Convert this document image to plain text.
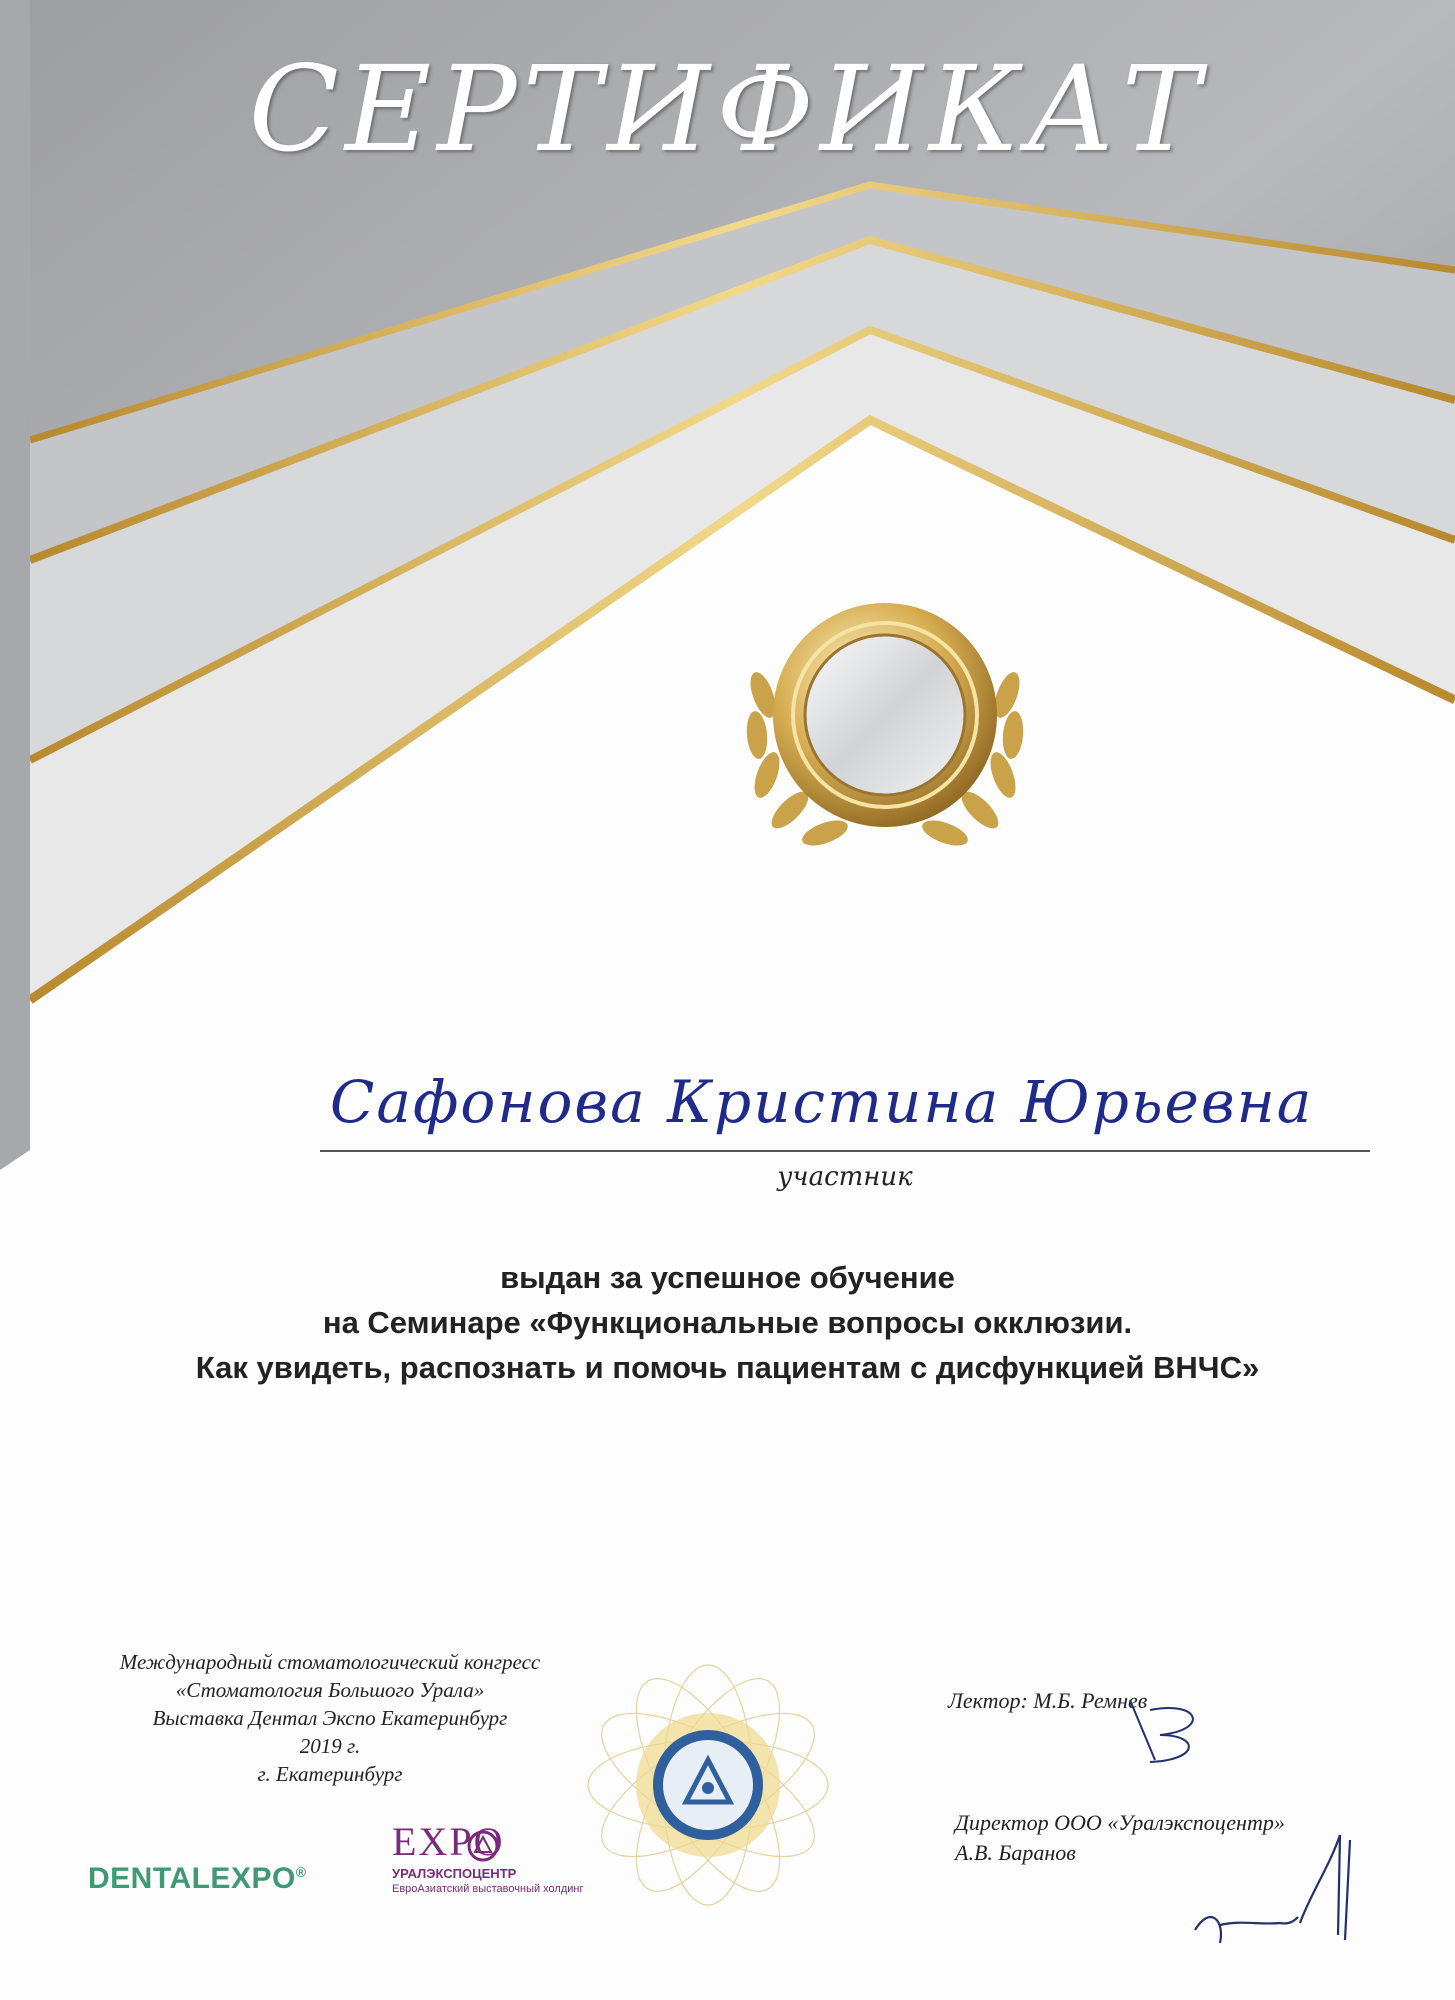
СЕРТИФИКАТ
Сафонова Кристина Юрьевна
участник
выдан за успешное обучение
на Семинаре «Функциональные вопросы окклюзии.
Как увидеть, распознать и помочь пациентам с дисфункцией ВНЧС»
Международный стоматологический конгресс
«Стоматология Большого Урала»
Выставка Дентал Экспо Екатеринбург
2019 г.
г. Екатеринбург
Лектор: М.Б. Ремнев
Директор ООО «Уралэкспоцентр»
А.В. Баранов
DENTALEXPO®
EXPO
УРАЛЭКСПОЦЕНТР
ЕвроАзиатский выставочный холдинг
